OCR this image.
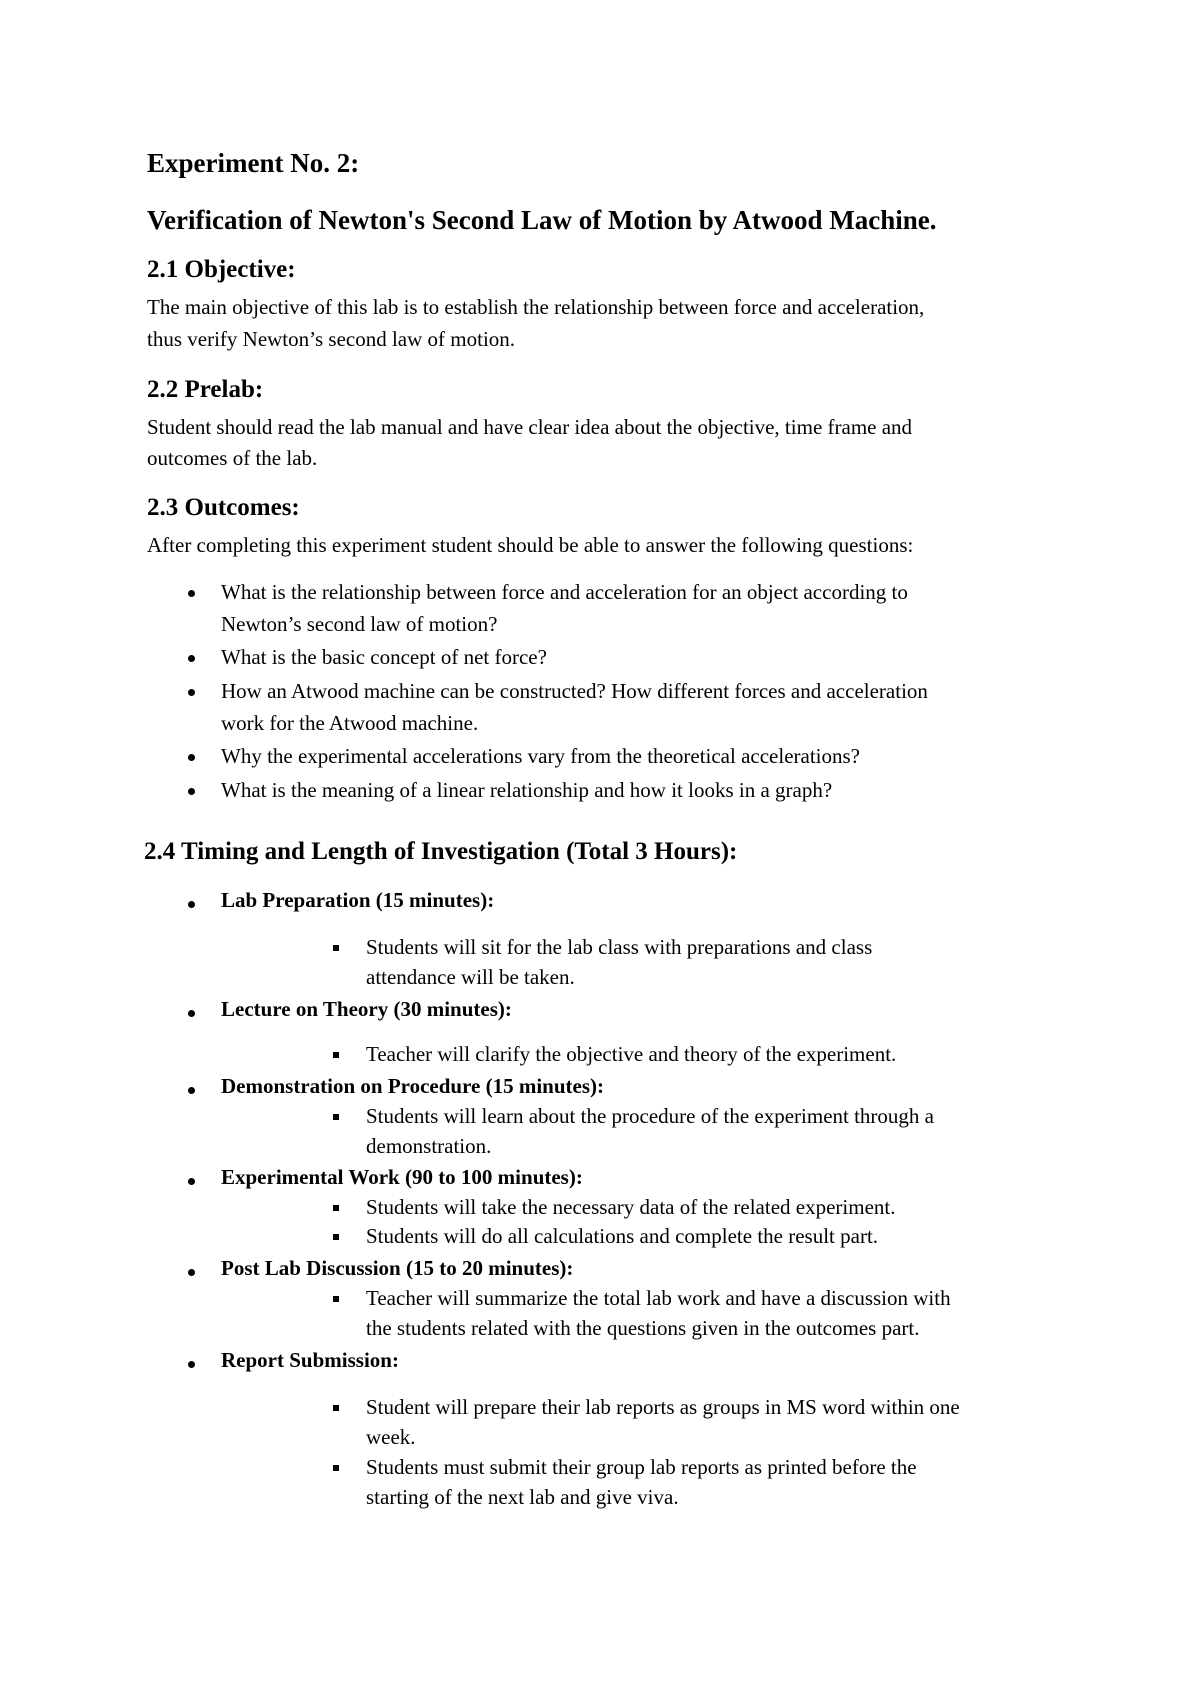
Experiment No. 2:
Verification of Newton's Second Law of Motion by Atwood Machine.
2.1 Objective:
The main objective of this lab is to establish the relationship between force and acceleration,
thus verify Newton’s second law of motion.
2.2 Prelab:
Student should read the lab manual and have clear idea about the objective, time frame and
outcomes of the lab.
2.3 Outcomes:
After completing this experiment student should be able to answer the following questions:
What is the relationship between force and acceleration for an object according to
Newton’s second law of motion?
What is the basic concept of net force?
How an Atwood machine can be constructed? How different forces and acceleration
work for the Atwood machine.
Why the experimental accelerations vary from the theoretical accelerations?
What is the meaning of a linear relationship and how it looks in a graph?
2.4 Timing and Length of Investigation (Total 3 Hours):
Lab Preparation (15 minutes):
Students will sit for the lab class with preparations and class
attendance will be taken.
Lecture on Theory (30 minutes):
Teacher will clarify the objective and theory of the experiment.
Demonstration on Procedure (15 minutes):
Students will learn about the procedure of the experiment through a
demonstration.
Experimental Work (90 to 100 minutes):
Students will take the necessary data of the related experiment.
Students will do all calculations and complete the result part.
Post Lab Discussion (15 to 20 minutes):
Teacher will summarize the total lab work and have a discussion with
the students related with the questions given in the outcomes part.
Report Submission:
Student will prepare their lab reports as groups in MS word within one
week.
Students must submit their group lab reports as printed before the
starting of the next lab and give viva.
